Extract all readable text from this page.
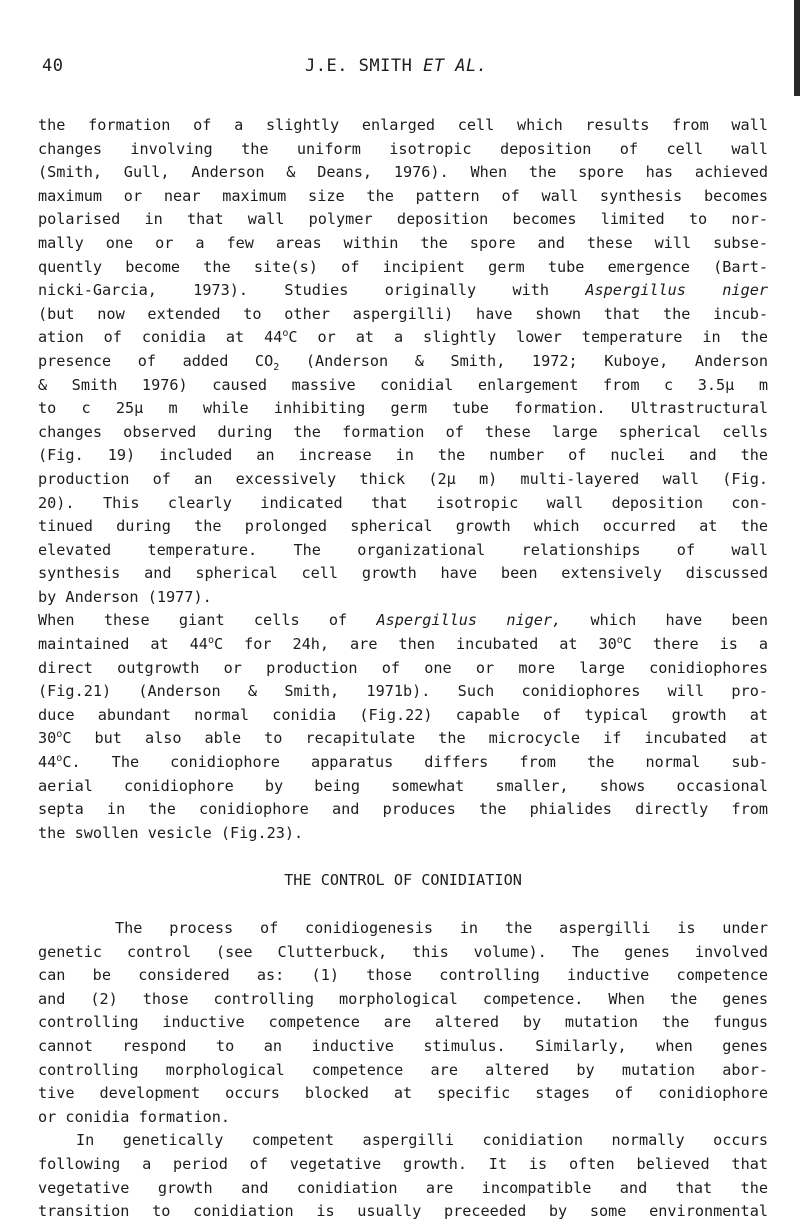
40	J.E. SMITH ET AL.
the formation of a slightly enlarged cell which results from wall
changes involving the uniform isotropic deposition of cell wall
(Smith, Gull, Anderson & Deans, 1976). When the spore has achieved
maximum or near maximum size the pattern of wall synthesis becomes
polarised in that wall polymer deposition becomes limited to nor-
mally one or a few areas within the spore and these will subse-
quently become the site(s) of incipient germ tube emergence (Bart-
nicki-Garcia, 1973). Studies originally with Aspergillus niger
(but now extended to other aspergilli) have shown that the incub-
ation of conidia at 44$^o$C or at a slightly lower temperature in the
presence of added $CO_2$ (Anderson & Smith, 1972; Kuboye, Anderson
& Smith 1976) caused massive conidial enlargement from c 3.5μ m
to c 25μ m while inhibiting germ tube formation. Ultrastructural
changes observed during the formation of these large spherical cells
(Fig. 19) included an increase in the number of nuclei and the
production of an excessively thick (2μ m) multi-layered wall (Fig.
20). This clearly indicated that isotropic wall deposition con-
tinued during the prolonged spherical growth which occurred at the
elevated temperature. The organizational relationships of wall
synthesis and spherical cell growth have been extensively discussed
by Anderson (1977).
When these giant cells of Aspergillus niger, which have been
maintained at 44$^o$C for 24h, are then incubated at 30$^o$C there is a
direct outgrowth or production of one or more large conidiophores
(Fig.21) (Anderson & Smith, 1971b). Such conidiophores will pro-
duce abundant normal conidia (Fig.22) capable of typical growth at
30$^o$C but also able to recapitulate the microcycle if incubated at
44$^o$C. The conidiophore apparatus differs from the normal sub-
aerial conidiophore by being somewhat smaller, shows occasional
septa in the conidiophore and produces the phialides directly from
the swollen vesicle (Fig.23).
THE CONTROL OF CONIDIATION
The process of conidiogenesis in the aspergilli is under
genetic control (see Clutterbuck, this volume). The genes involved
can be considered as: (1) those controlling inductive competence
and (2) those controlling morphological competence. When the genes
controlling inductive competence are altered by mutation the fungus
cannot respond to an inductive stimulus. Similarly, when genes
controlling morphological competence are altered by mutation abor-
tive development occurs blocked at specific stages of conidiophore
or conidia formation.
In genetically competent aspergilli conidiation normally occurs
following a period of vegetative growth. It is often believed that
vegetative growth and conidiation are incompatible and that the
transition to conidiation is usually preceeded by some environmental
